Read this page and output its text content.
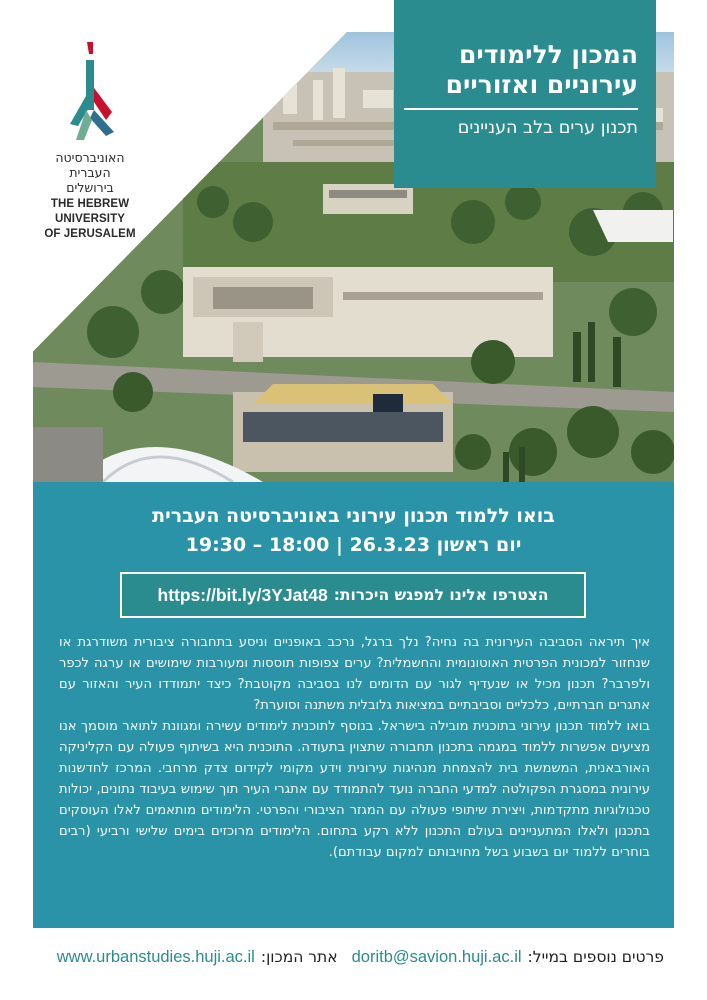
האוניברסיטה
העברית
בירושלים
THE HEBREW
UNIVERSITY
OF JERUSALEM
המכון ללימודים
עירוניים ואזוריים
תכנון ערים בלב העניינים
בואו ללמוד תכנון עירוני באוניברסיטה העברית
יום ראשון 26.3.23 | 18:00 – 19:30
הצטרפו אלינו למפגש היכרות:
https://bit.ly/3YJat48

איך תיראה הסביבה העירונית בה נחיה? נלך ברגל, נרכב באופניים וניסע בתחבורה ציבורית משודרגת או שנחזור למכונית הפרטית האוטונומית והחשמלית? ערים צפופות תוססות ומעורבות שימושים או ערגה לכפר ולפרבר? תכנון מכיל או שנעדיף לגור עם הדומים לנו בסביבה מקוטבת? כיצד יתמודדו העיר והאזור עם אתגרים חברתיים, כלכליים וסביבתיים במציאות גלובלית משתנה וסוערת?

בואו ללמוד תכנון עירוני בתוכנית מובילה בישראל. בנוסף לתוכנית לימודים עשירה ומגוונת לתואר מוסמך אנו מציעים אפשרות ללמוד במגמה בתכנון תחבורה שתצוין בתעודה. התוכנית היא בשיתוף פעולה עם הקליניקה האורבאנית, המשמשת בית להצמחת מנהיגות עירונית וידע מקומי לקידום צדק מרחבי. המרכז לחדשנות עירונית במסגרת הפקולטה למדעי החברה נועד להתמודד עם אתגרי העיר תוך שימוש בעיבוד נתונים, יכולות טכנולוגיות מתקדמות, ויצירת שיתופי פעולה עם המגזר הציבורי והפרטי. הלימודים מותאמים לאלו העוסקים בתכנון ולאלו המתעניינים בעולם התכנון ללא רקע בתחום. הלימודים מרוכזים בימים שלישי ורביעי (רבים בוחרים ללמוד יום בשבוע בשל מחויבותם למקום עבודתם).

פרטים נוספים במייל:
doritb@savion.huji.ac.il
אתר המכון:
www.urbanstudies.huji.ac.il
